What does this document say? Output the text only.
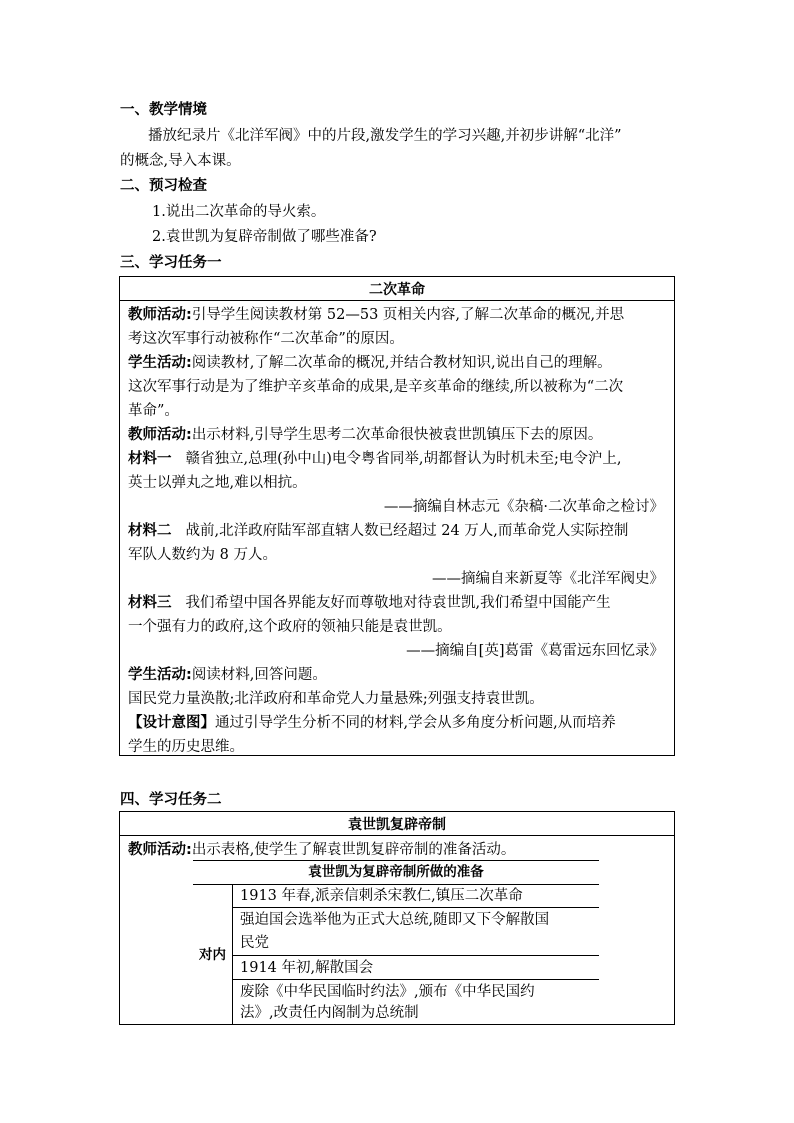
一、教学情境
播放纪录片《北洋军阀》中的片段,激发学生的学习兴趣,并初步讲解“北洋”
的概念,导入本课。
二、预习检查
1.说出二次革命的导火索。
2.袁世凯为复辟帝制做了哪些准备?
三、学习任务一
二次革命
教师活动:引导学生阅读教材第 52—53 页相关内容,了解二次革命的概况,并思
考这次军事行动被称作“二次革命”的原因。
学生活动:阅读教材,了解二次革命的概况,并结合教材知识,说出自己的理解。
这次军事行动是为了维护辛亥革命的成果,是辛亥革命的继续,所以被称为“二次
革命”。
教师活动:出示材料,引导学生思考二次革命很快被袁世凯镇压下去的原因。
材料一 赣省独立,总理(孙中山)电令粤省同举,胡都督认为时机未至;电令沪上,
英士以弹丸之地,难以相抗。
——摘编自林志元《杂稿·二次革命之检讨》
材料二 战前,北洋政府陆军部直辖人数已经超过 24 万人,而革命党人实际控制
军队人数约为 8 万人。
——摘编自来新夏等《北洋军阀史》
材料三 我们希望中国各界能友好而尊敬地对待袁世凯,我们希望中国能产生
一个强有力的政府,这个政府的领袖只能是袁世凯。
——摘编自[英]葛雷《葛雷远东回忆录》
学生活动:阅读材料,回答问题。
国民党力量涣散;北洋政府和革命党人力量悬殊;列强支持袁世凯。
【设计意图】通过引导学生分析不同的材料,学会从多角度分析问题,从而培养
学生的历史思维。
四、学习任务二
袁世凯复辟帝制
教师活动:出示表格,使学生了解袁世凯复辟帝制的准备活动。
袁世凯为复辟帝制所做的准备
对内
1913 年春,派亲信刺杀宋教仁,镇压二次革命
强迫国会选举他为正式大总统,随即又下令解散国
民党
1914 年初,解散国会
废除《中华民国临时约法》,颁布《中华民国约
法》,改责任内阁制为总统制
